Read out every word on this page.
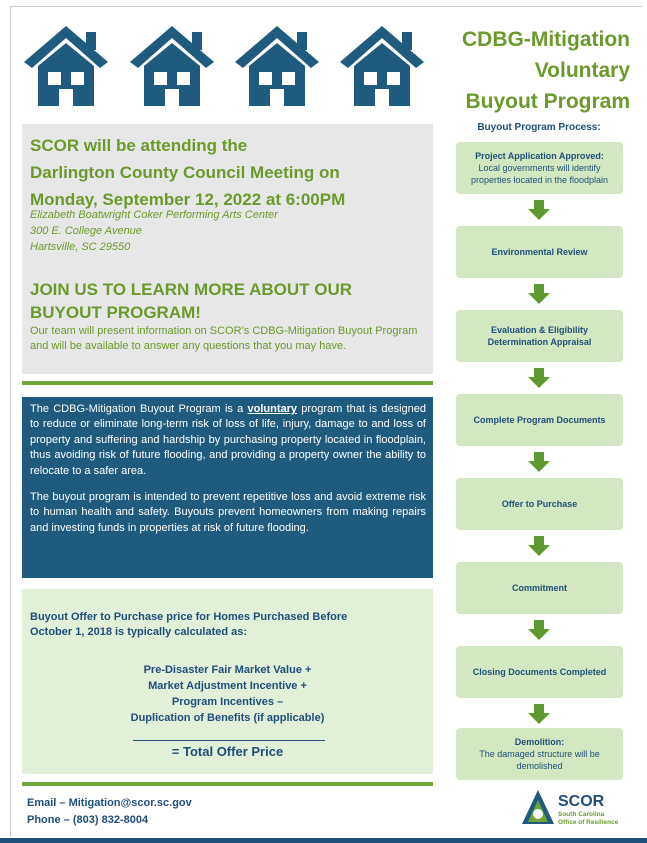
CDBG-Mitigation
Voluntary
Buyout Program
SCOR will be attending the
Darlington County Council Meeting on
Monday, September 12, 2022 at 6:00PM
Elizabeth Boatwright Coker Performing Arts Center
300 E. College Avenue
Hartsville, SC 29550
JOIN US TO LEARN MORE ABOUT OUR
BUYOUT PROGRAM!
Our team will present information on SCOR’s CDBG-Mitigation Buyout Program and will be available to answer any questions that you may have.

The CDBG-Mitigation Buyout Program is a voluntary program that is designed to reduce or eliminate long-term risk of loss of life, injury, damage to and loss of property and suffering and hardship by purchasing property located in floodplain, thus avoiding risk of future flooding, and providing a property owner the ability to relocate to a safer area.

The buyout program is intended to prevent repetitive loss and avoid extreme risk to human health and safety. Buyouts prevent homeowners from making repairs and investing funds in properties at risk of future flooding.

Buyout Offer to Purchase price for Homes Purchased Before
October 1, 2018 is typically calculated as:
Pre-Disaster Fair Market Value +
Market Adjustment Incentive +
Program Incentives –
Duplication of Benefits (if applicable)
= Total Offer Price
Email – Mitigation@scor.sc.gov
Phone – (803) 832-8004
Buyout Program Process:
Project Application Approved:
Local governments will identify properties located in the floodplain
Environmental Review
Evaluation & Eligibility Determination Appraisal
Complete Program Documents
Offer to Purchase
Commitment
Closing Documents Completed
Demolition:
The damaged structure will be demolished
SCOR
South Carolina
Office of Resilience
